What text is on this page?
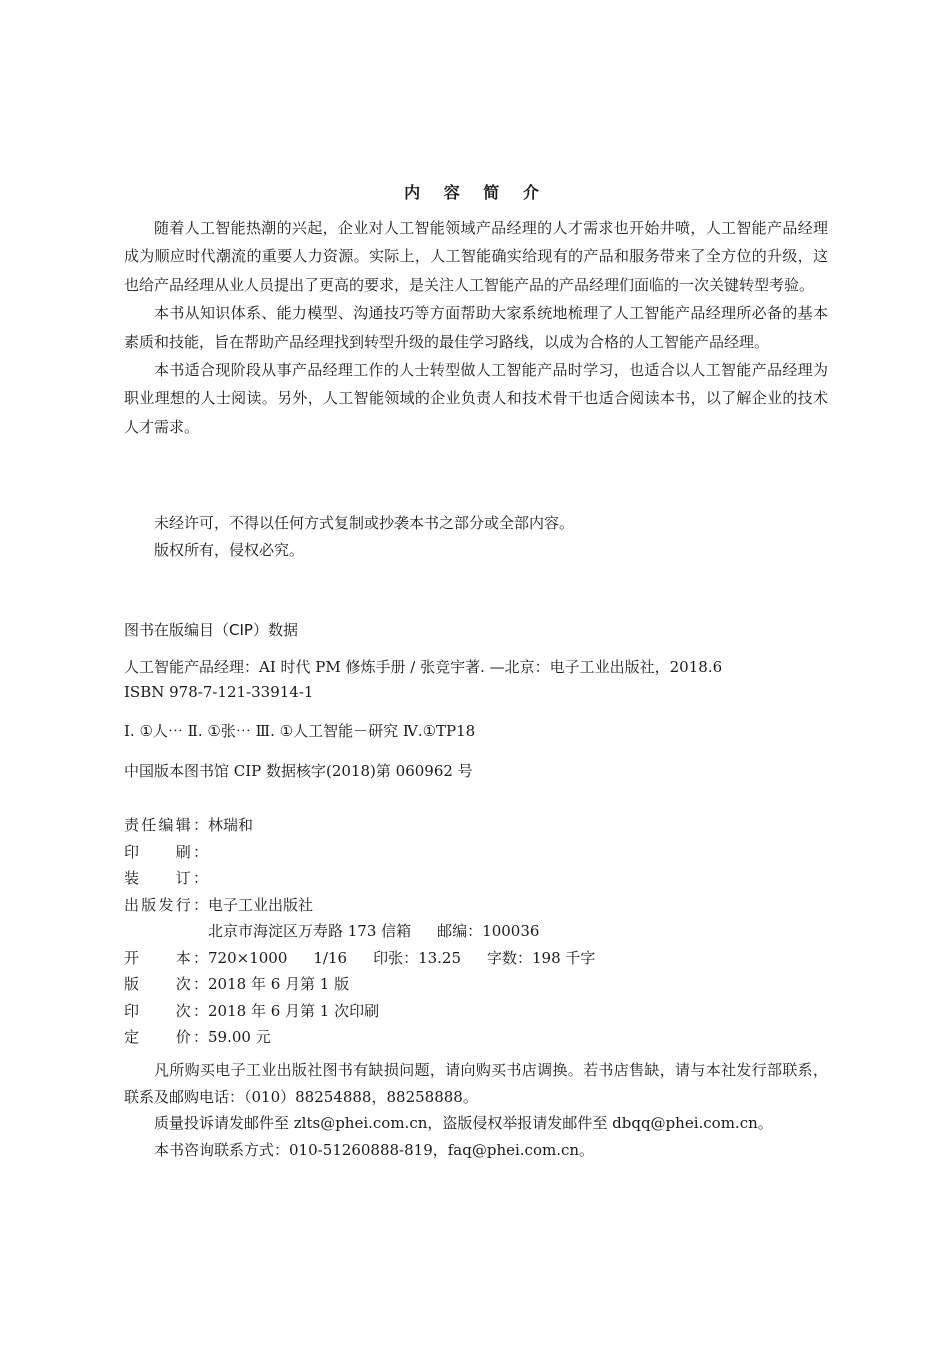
内 容 简 介

随着人工智能热潮的兴起，企业对人工智能领域产品经理的人才需求也开始井喷，人工智能产品经理成为顺应时代潮流的重要人力资源。实际上，人工智能确实给现有的产品和服务带来了全方位的升级，这也给产品经理从业人员提出了更高的要求，是关注人工智能产品的产品经理们面临的一次关键转型考验。

本书从知识体系、能力模型、沟通技巧等方面帮助大家系统地梳理了人工智能产品经理所必备的基本素质和技能，旨在帮助产品经理找到转型升级的最佳学习路线，以成为合格的人工智能产品经理。

本书适合现阶段从事产品经理工作的人士转型做人工智能产品时学习，也适合以人工智能产品经理为职业理想的人士阅读。另外，人工智能领域的企业负责人和技术骨干也适合阅读本书，以了解企业的技术人才需求。

未经许可，不得以任何方式复制或抄袭本书之部分或全部内容。

版权所有，侵权必究。

图书在版编目（CIP）数据
人工智能产品经理：AI 时代 PM 修炼手册 / 张竞宇著. —北京：电子工业出版社，2018.6
ISBN 978-7-121-33914-1
Ⅰ. ①人⋯ Ⅱ. ①张⋯ Ⅲ. ①人工智能－研究 Ⅳ.①TP18
中国版本图书馆 CIP 数据核字(2018)第 060962 号
责任编辑：林瑞和
印　　刷：
装　　订：
出版发行：电子工业出版社
北京市海淀区万寿路 173 信箱 邮编：100036
开　　本：720×1000 1/16 印张：13.25 字数：198 千字
版　　次：2018 年 6 月第 1 版
印　　次：2018 年 6 月第 1 次印刷
定　　价：59.00 元

凡所购买电子工业出版社图书有缺损问题，请向购买书店调换。若书店售缺，请与本社发行部联系，联系及邮购电话：（010）88254888，88258888。

质量投诉请发邮件至 zlts@phei.com.cn，盗版侵权举报请发邮件至 dbqq@phei.com.cn。

本书咨询联系方式：010-51260888-819，faq@phei.com.cn。
